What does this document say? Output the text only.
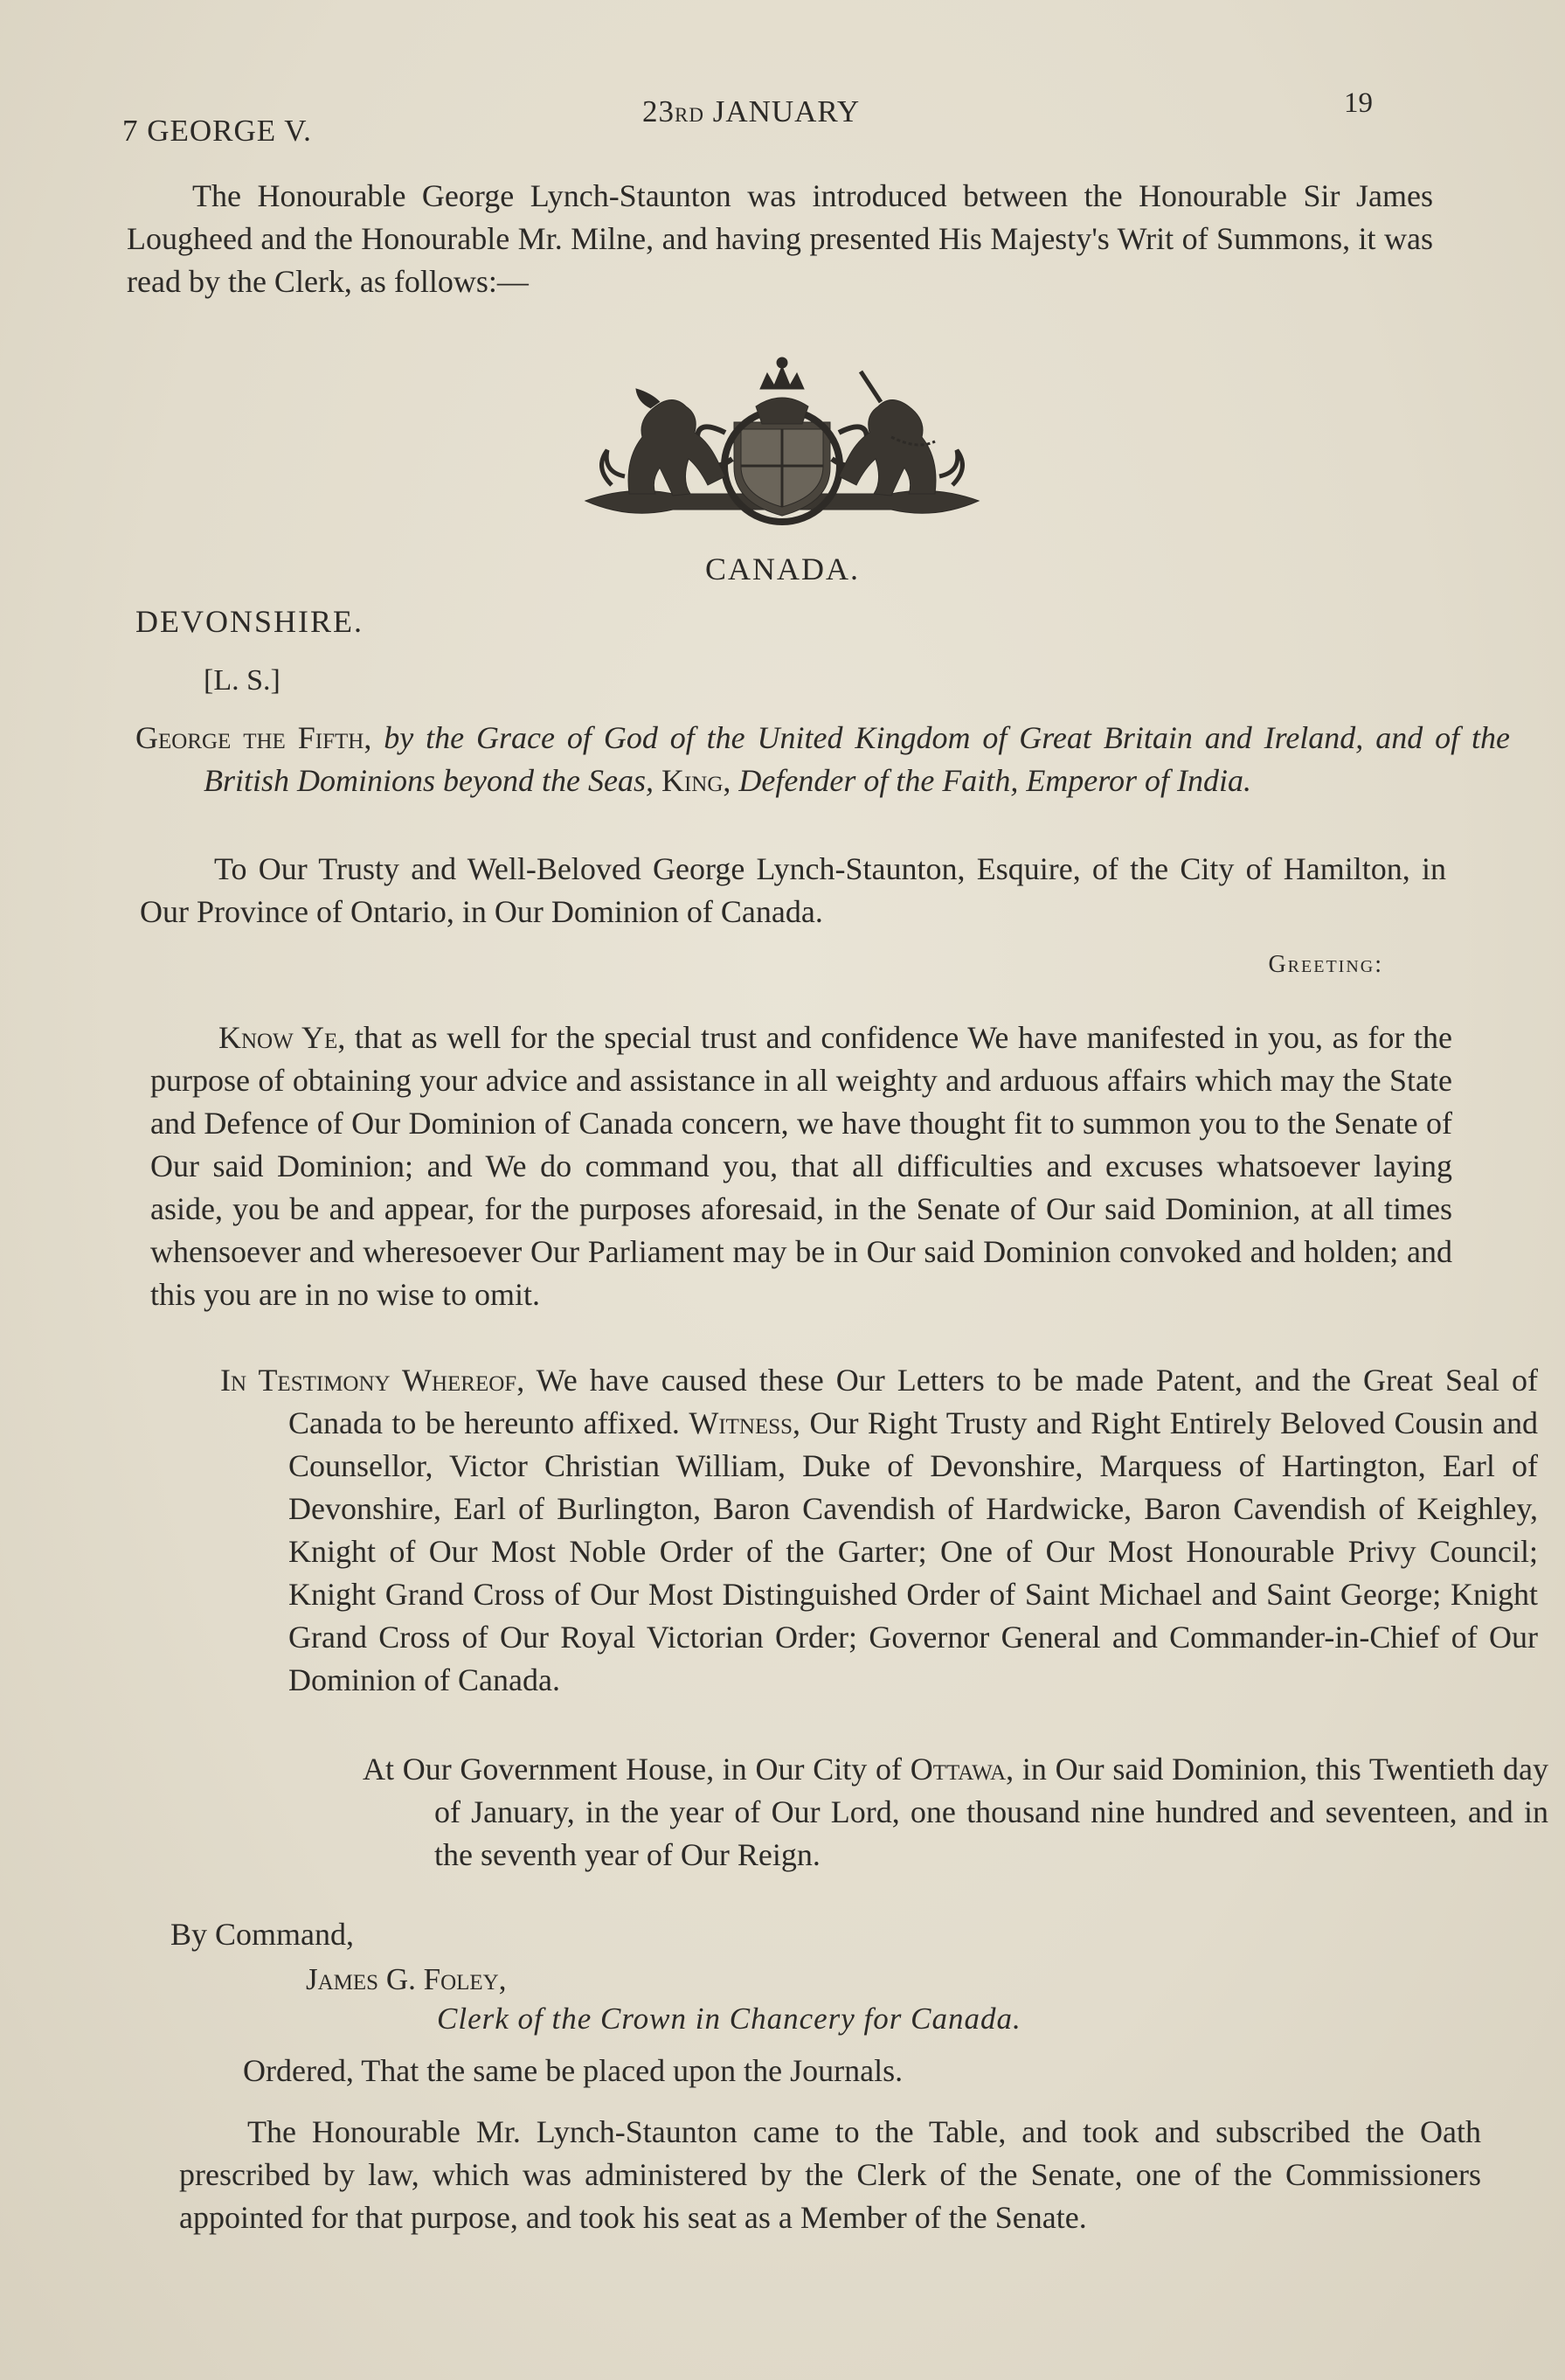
7 GEORGE V.
23RD JANUARY	19

The Honourable George Lynch-Staunton was introduced between the Honourable Sir James Lougheed and the Honourable Mr. Milne, and having presented His Majesty's Writ of Summons, it was read by the Clerk, as follows:—

CANADA.
DEVONSHIRE.
[L. S.]

George the Fifth, by the Grace of God of the United Kingdom of Great Britain and Ireland, and of the British Dominions beyond the Seas, King, Defender of the Faith, Emperor of India.

To Our Trusty and Well-Beloved George Lynch-Staunton, Esquire, of the City of Hamilton, in Our Province of Ontario, in Our Dominion of Canada.

Greeting:

Know Ye, that as well for the special trust and confidence We have manifested in you, as for the purpose of obtaining your advice and assistance in all weighty and arduous affairs which may the State and Defence of Our Dominion of Canada concern, we have thought fit to summon you to the Senate of Our said Dominion; and We do command you, that all difficulties and excuses whatsoever laying aside, you be and appear, for the purposes aforesaid, in the Senate of Our said Dominion, at all times whensoever and wheresoever Our Parliament may be in Our said Dominion convoked and holden; and this you are in no wise to omit.

In Testimony Whereof, We have caused these Our Letters to be made Patent, and the Great Seal of Canada to be hereunto affixed. Witness, Our Right Trusty and Right Entirely Beloved Cousin and Counsellor, Victor Christian William, Duke of Devonshire, Marquess of Hartington, Earl of Devonshire, Earl of Burlington, Baron Cavendish of Hardwicke, Baron Cavendish of Keighley, Knight of Our Most Noble Order of the Garter; One of Our Most Honourable Privy Council; Knight Grand Cross of Our Most Distinguished Order of Saint Michael and Saint George; Knight Grand Cross of Our Royal Victorian Order; Governor General and Commander-in-Chief of Our Dominion of Canada.

At Our Government House, in Our City of Ottawa, in Our said Dominion, this Twentieth day of January, in the year of Our Lord, one thousand nine hundred and seventeen, and in the seventh year of Our Reign.

By Command,
James G. Foley,
Clerk of the Crown in Chancery for Canada.

Ordered, That the same be placed upon the Journals.

The Honourable Mr. Lynch-Staunton came to the Table, and took and subscribed the Oath prescribed by law, which was administered by the Clerk of the Senate, one of the Commissioners appointed for that purpose, and took his seat as a Member of the Senate.
